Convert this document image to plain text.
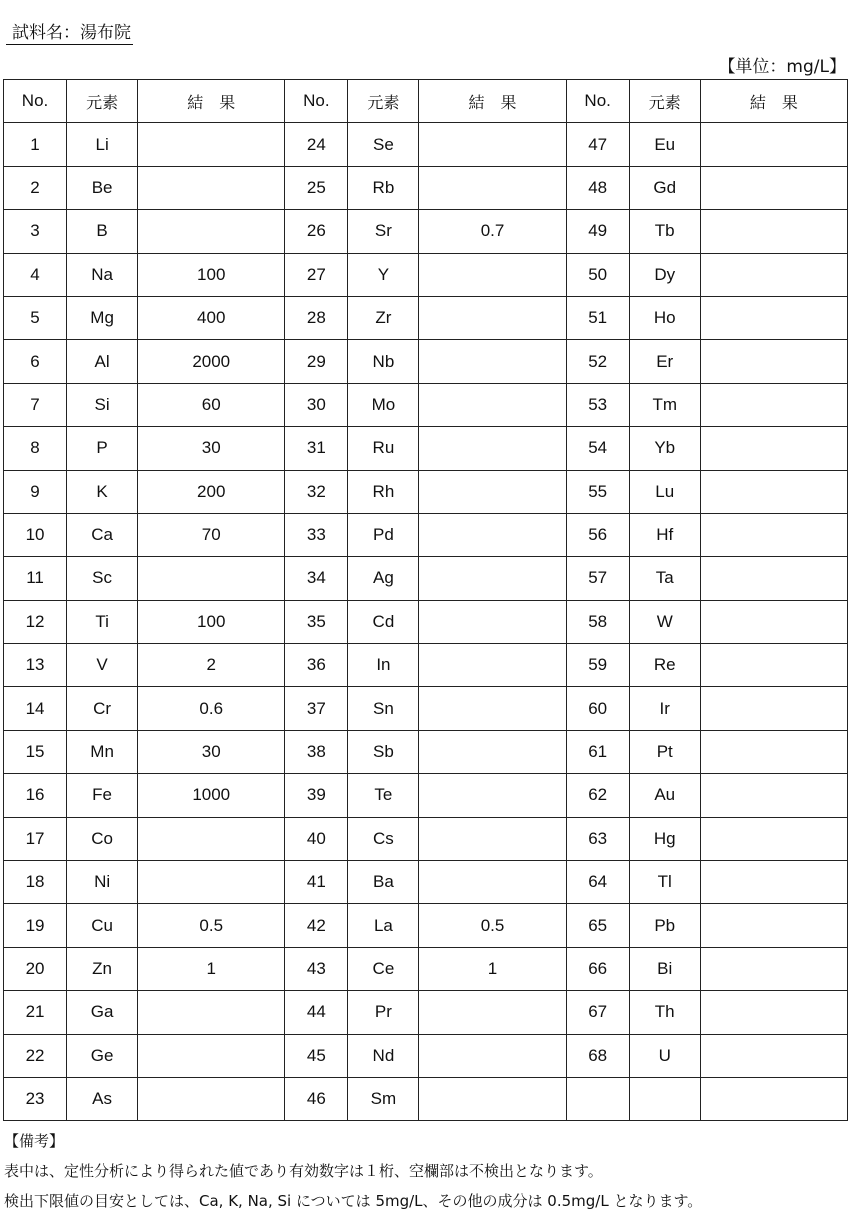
試料名：湯布院
【単位：mg/L】
No.	元素	結　果	No.	元素	結　果	No.	元素	結　果
1	Li		24	Se		47	Eu	
2	Be		25	Rb		48	Gd	
3	B		26	Sr	0.7	49	Tb	
4	Na	100	27	Y		50	Dy	
5	Mg	400	28	Zr		51	Ho	
6	Al	2000	29	Nb		52	Er	
7	Si	60	30	Mo		53	Tm	
8	P	30	31	Ru		54	Yb	
9	K	200	32	Rh		55	Lu	
10	Ca	70	33	Pd		56	Hf	
11	Sc		34	Ag		57	Ta	
12	Ti	100	35	Cd		58	W	
13	V	2	36	In		59	Re	
14	Cr	0.6	37	Sn		60	Ir	
15	Mn	30	38	Sb		61	Pt	
16	Fe	1000	39	Te		62	Au	
17	Co		40	Cs		63	Hg	
18	Ni		41	Ba		64	Tl	
19	Cu	0.5	42	La	0.5	65	Pb	
20	Zn	1	43	Ce	1	66	Bi	
21	Ga		44	Pr		67	Th	
22	Ge		45	Nd		68	U	
23	As		46	Sm				
【備考】
表中は、定性分析により得られた値であり有効数字は１桁、空欄部は不検出となります。
検出下限値の目安としては、Ca, K, Na, Si については 5mg/L、その他の成分は 0.5mg/L となります。
